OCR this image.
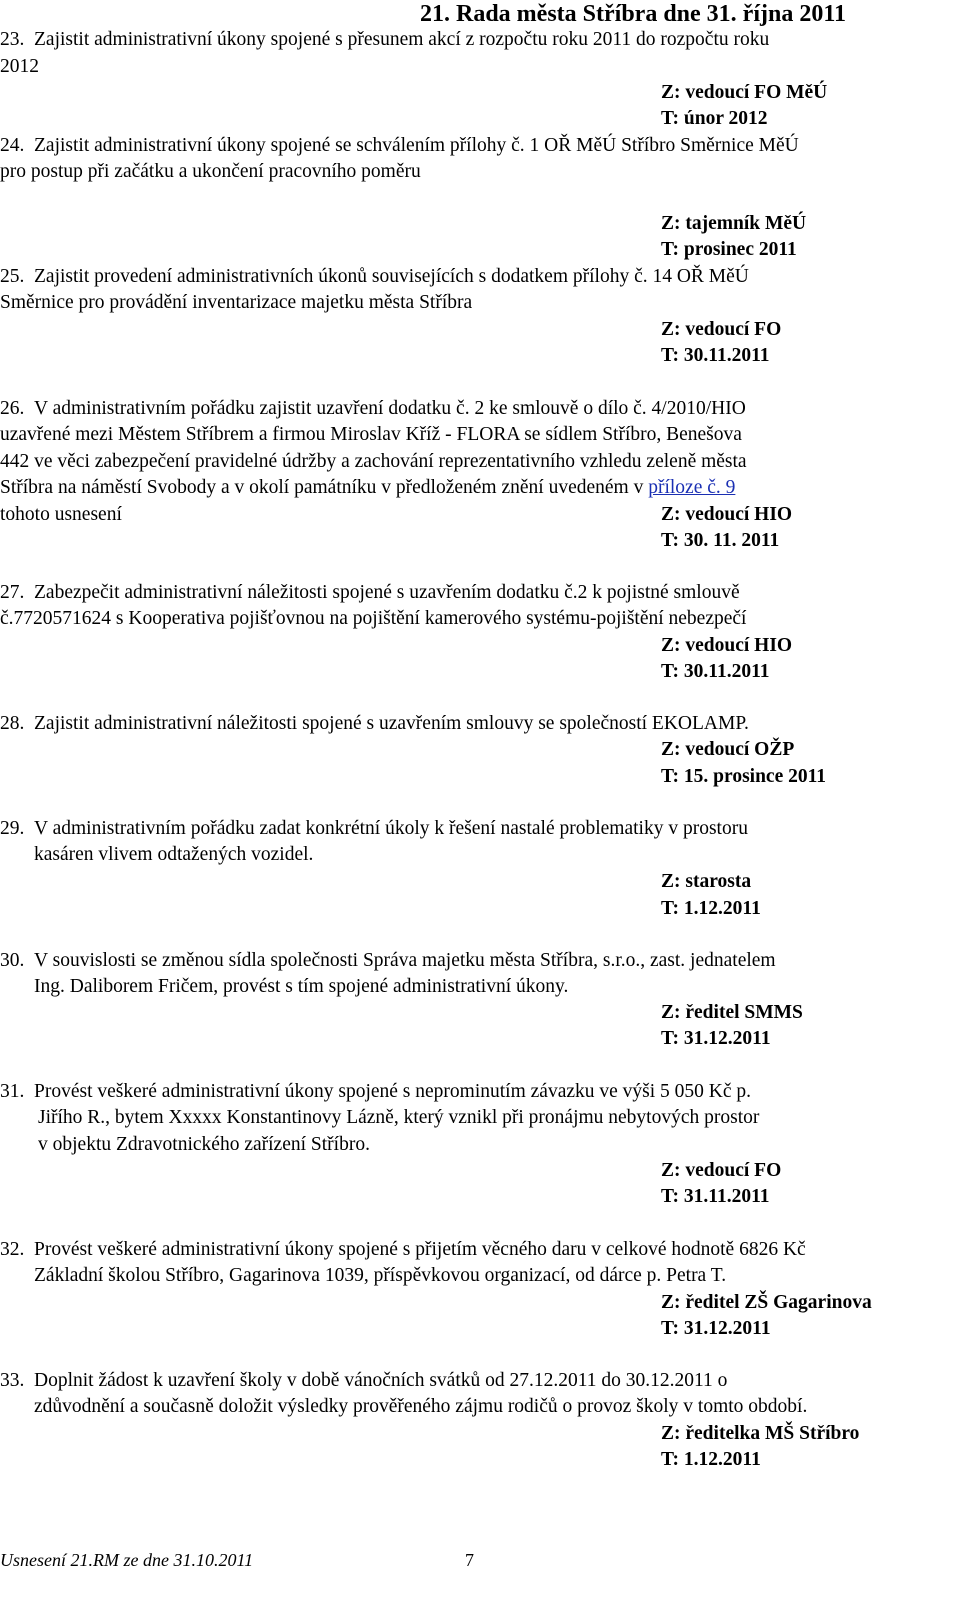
21. Rada města Stříbra dne 31. října 2011
23. Zajistit administrativní úkony spojené s přesunem akcí z rozpočtu roku 2011 do rozpočtu roku
2012
Z: vedoucí FO MěÚ
T: únor 2012
24. Zajistit administrativní úkony spojené se schválením přílohy č. 1 OŘ MěÚ Stříbro Směrnice MěÚ
pro postup při začátku a ukončení pracovního poměru
Z: tajemník MěÚ
T: prosinec 2011
25. Zajistit provedení administrativních úkonů souvisejících s dodatkem přílohy č. 14 OŘ MěÚ
Směrnice pro provádění inventarizace majetku města Stříbra
Z: vedoucí FO
T: 30.11.2011
26. V administrativním pořádku zajistit uzavření dodatku č. 2 ke smlouvě o dílo č. 4/2010/HIO
uzavřené mezi Městem Stříbrem a firmou Miroslav Kříž - FLORA se sídlem Stříbro, Benešova
442 ve věci zabezpečení pravidelné údržby a zachování reprezentativního vzhledu zeleně města
Stříbra na náměstí Svobody a v okolí památníku v předloženém znění uvedeném v příloze č. 9
tohoto usnesení	Z: vedoucí HIO
T: 30. 11. 2011
27. Zabezpečit administrativní náležitosti spojené s uzavřením dodatku č.2 k pojistné smlouvě
č.7720571624 s Kooperativa pojišťovnou na pojištění kamerového systému-pojištění nebezpečí
Z: vedoucí HIO
T: 30.11.2011
28. Zajistit administrativní náležitosti spojené s uzavřením smlouvy se společností EKOLAMP.
Z: vedoucí OŽP
T: 15. prosince 2011
29. V administrativním pořádku zadat konkrétní úkoly k řešení nastalé problematiky v prostoru
kasáren vlivem odtažených vozidel.
Z: starosta
T: 1.12.2011
30. V souvislosti se změnou sídla společnosti Správa majetku města Stříbra, s.r.o., zast. jednatelem
Ing. Daliborem Fričem, provést s tím spojené administrativní úkony.
Z: ředitel SMMS
T: 31.12.2011
31. Provést veškeré administrativní úkony spojené s neprominutím závazku ve výši 5 050 Kč p.
Jiřího R., bytem Xxxxx Konstantinovy Lázně, který vznikl při pronájmu nebytových prostor
v objektu Zdravotnického zařízení Stříbro.
Z: vedoucí FO
T: 31.11.2011
32. Provést veškeré administrativní úkony spojené s přijetím věcného daru v celkové hodnotě 6826 Kč
Základní školou Stříbro, Gagarinova 1039, příspěvkovou organizací, od dárce p. Petra T.
Z: ředitel ZŠ Gagarinova
T: 31.12.2011
33. Doplnit žádost k uzavření školy v době vánočních svátků od 27.12.2011 do 30.12.2011 o
zdůvodnění a současně doložit výsledky prověřeného zájmu rodičů o provoz školy v tomto období.
Z: ředitelka MŠ Stříbro
T: 1.12.2011
Usnesení 21.RM ze dne 31.10.2011	7
